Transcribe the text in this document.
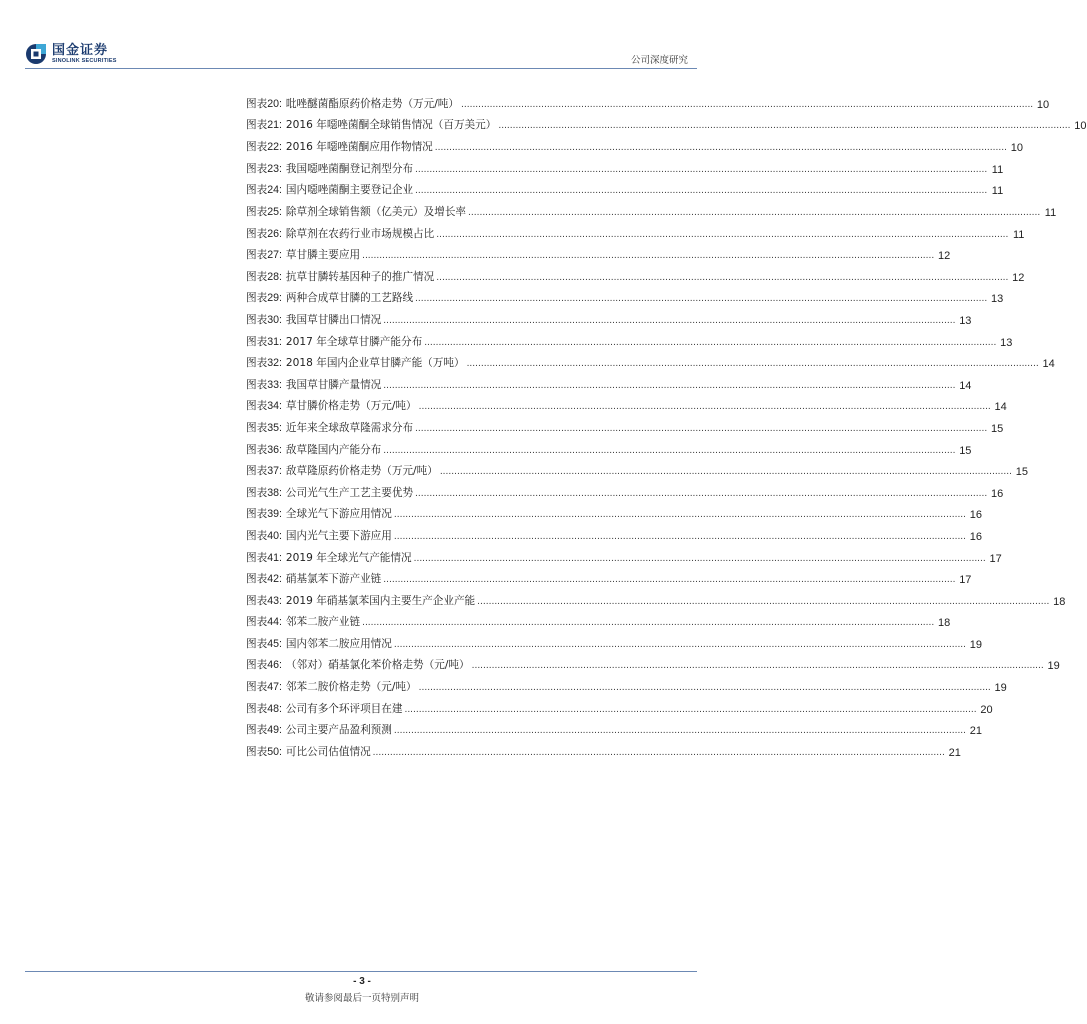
国金证券
SINOLINK SECURITIES	公司深度研究
图表20: 吡唑醚菌酯原药价格走势（万元/吨） ........................................................................................................................................................................................................ 10
图表21: 2016 年噁唑菌酮全球销售情况（百万美元） ........................................................................................................................................................................................................ 10
图表22: 2016 年噁唑菌酮应用作物情况 ........................................................................................................................................................................................................ 10
图表23: 我国噁唑菌酮登记剂型分布 ........................................................................................................................................................................................................ 11
图表24: 国内噁唑菌酮主要登记企业 ........................................................................................................................................................................................................ 11
图表25: 除草剂全球销售额（亿美元）及增长率 ........................................................................................................................................................................................................ 11
图表26: 除草剂在农药行业市场规模占比 ........................................................................................................................................................................................................ 11
图表27: 草甘膦主要应用 ........................................................................................................................................................................................................ 12
图表28: 抗草甘膦转基因种子的推广情况 ........................................................................................................................................................................................................ 12
图表29: 两种合成草甘膦的工艺路线 ........................................................................................................................................................................................................ 13
图表30: 我国草甘膦出口情况 ........................................................................................................................................................................................................ 13
图表31: 2017 年全球草甘膦产能分布 ........................................................................................................................................................................................................ 13
图表32: 2018 年国内企业草甘膦产能（万吨） ........................................................................................................................................................................................................ 14
图表33: 我国草甘膦产量情况 ........................................................................................................................................................................................................ 14
图表34: 草甘膦价格走势（万元/吨） ........................................................................................................................................................................................................ 14
图表35: 近年来全球敌草隆需求分布 ........................................................................................................................................................................................................ 15
图表36: 敌草隆国内产能分布 ........................................................................................................................................................................................................ 15
图表37: 敌草隆原药价格走势（万元/吨） ........................................................................................................................................................................................................ 15
图表38: 公司光气生产工艺主要优势 ........................................................................................................................................................................................................ 16
图表39: 全球光气下游应用情况 ........................................................................................................................................................................................................ 16
图表40: 国内光气主要下游应用 ........................................................................................................................................................................................................ 16
图表41: 2019 年全球光气产能情况 ........................................................................................................................................................................................................ 17
图表42: 硝基氯苯下游产业链 ........................................................................................................................................................................................................ 17
图表43: 2019 年硝基氯苯国内主要生产企业产能 ........................................................................................................................................................................................................ 18
图表44: 邻苯二胺产业链 ........................................................................................................................................................................................................ 18
图表45: 国内邻苯二胺应用情况 ........................................................................................................................................................................................................ 19
图表46: （邻对）硝基氯化苯价格走势（元/吨） ........................................................................................................................................................................................................ 19
图表47: 邻苯二胺价格走势（元/吨） ........................................................................................................................................................................................................ 19
图表48: 公司有多个环评项目在建 ........................................................................................................................................................................................................ 20
图表49: 公司主要产品盈利预测 ........................................................................................................................................................................................................ 21
图表50: 可比公司估值情况 ........................................................................................................................................................................................................ 21
- 3 -
敬请参阅最后一页特别声明
